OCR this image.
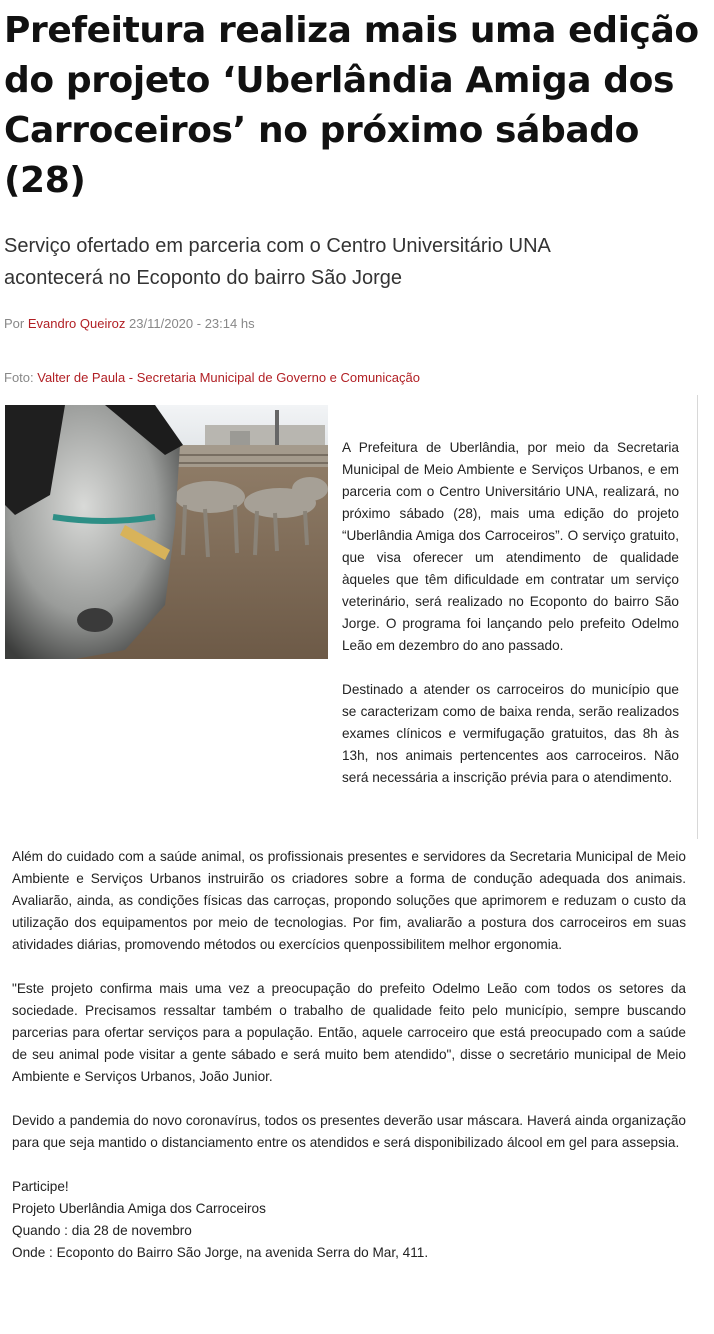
Prefeitura realiza mais uma edição do projeto ‘Uberlândia Amiga dos Carroceiros’ no próximo sábado (28)

Serviço ofertado em parceria com o Centro Universitário UNA acontecerá no Ecoponto do bairro São Jorge

Por Evandro Queiroz 23/11/2020 - 23:14 hs

Foto: Valter de Paula - Secretaria Municipal de Governo e Comunicação

A Prefeitura de Uberlândia, por meio da Secretaria Municipal de Meio Ambiente e Serviços Urbanos, e em parceria com o Centro Universitário UNA, realizará, no próximo sábado (28), mais uma edição do projeto “Uberlândia Amiga dos Carroceiros”. O serviço gratuito, que visa oferecer um atendimento de qualidade àqueles que têm dificuldade em contratar um serviço veterinário, será realizado no Ecoponto do bairro São Jorge. O programa foi lançando pelo prefeito Odelmo Leão em dezembro do ano passado.

Destinado a atender os carroceiros do município que se caracterizam como de baixa renda, serão realizados exames clínicos e vermifugação gratuitos, das 8h às 13h, nos animais pertencentes aos carroceiros. Não será necessária a inscrição prévia para o atendimento.

Além do cuidado com a saúde animal, os profissionais presentes e servidores da Secretaria Municipal de Meio Ambiente e Serviços Urbanos instruirão os criadores sobre a forma de condução adequada dos animais. Avaliarão, ainda, as condições físicas das carroças, propondo soluções que aprimorem e reduzam o custo da utilização dos equipamentos por meio de tecnologias. Por fim, avaliarão a postura dos carroceiros em suas atividades diárias, promovendo métodos ou exercícios quenpossibilitem melhor ergonomia.

"Este projeto confirma mais uma vez a preocupação do prefeito Odelmo Leão com todos os setores da sociedade. Precisamos ressaltar também o trabalho de qualidade feito pelo município, sempre buscando parcerias para ofertar serviços para a população. Então, aquele carroceiro que está preocupado com a saúde de seu animal pode visitar a gente sábado e será muito bem atendido", disse o secretário municipal de Meio Ambiente e Serviços Urbanos, João Junior.

Devido a pandemia do novo coronavírus, todos os presentes deverão usar máscara. Haverá ainda organização para que seja mantido o distanciamento entre os atendidos e será disponibilizado álcool em gel para assepsia.

Participe!
Projeto Uberlândia Amiga dos Carroceiros
Quando : dia 28 de novembro
Onde : Ecoponto do Bairro São Jorge, na avenida Serra do Mar, 411.
